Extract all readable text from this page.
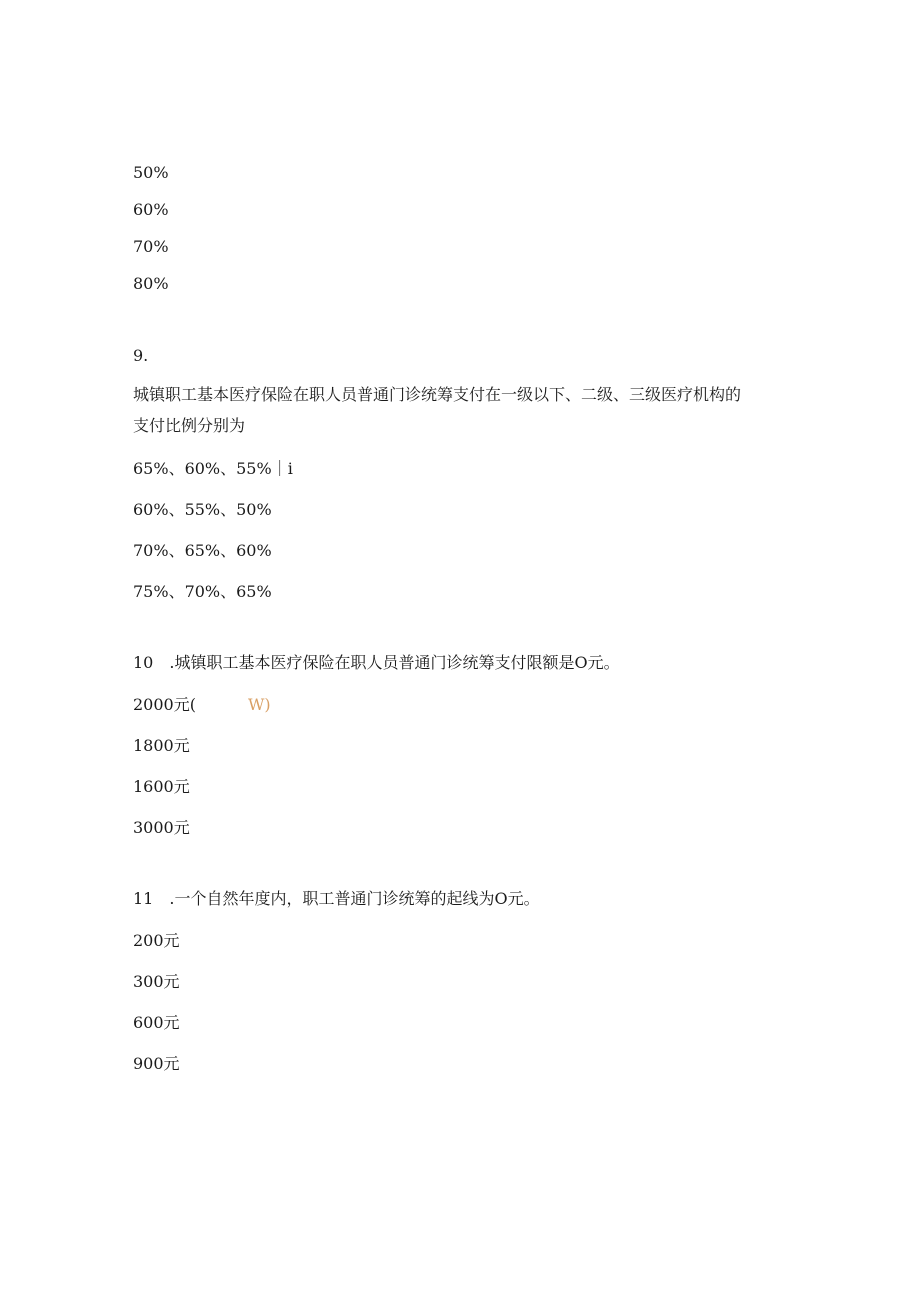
50%
60%
70%
80%
9.
城镇职工基本医疗保险在职人员普通门诊统筹支付在一级以下、二级、三级医疗机构的
支付比例分别为
65%、60%、55%｜i
60%、55%、50%
70%、65%、60%
75%、70%、65%
10　.城镇职工基本医疗保险在职人员普通门诊统筹支付限额是O元。
2000元(	W)
1800元
1600元
3000元
11　.一个自然年度内，职工普通门诊统筹的起线为O元。
200元
300元
600元
900元
